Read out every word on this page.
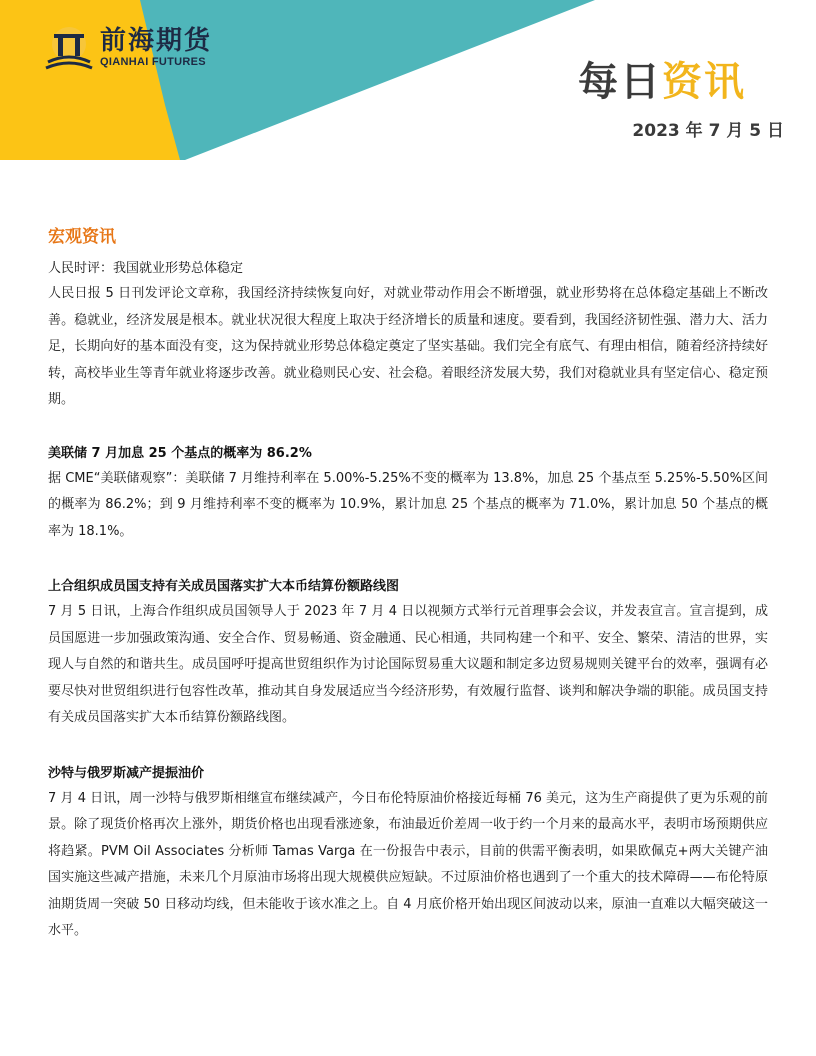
前海期货
QIANHAI FUTURES	每日资讯
2023 年 7 月 5 日
宏观资讯
人民时评：我国就业形势总体稳定
人民日报 5 日刊发评论文章称，我国经济持续恢复向好，对就业带动作用会不断增强，就业形势将在总体稳定基础上不断改善。稳就业，经济发展是根本。就业状况很大程度上取决于经济增长的质量和速度。要看到，我国经济韧性强、潜力大、活力足，长期向好的基本面没有变，这为保持就业形势总体稳定奠定了坚实基础。我们完全有底气、有理由相信，随着经济持续好转，高校毕业生等青年就业将逐步改善。就业稳则民心安、社会稳。着眼经济发展大势，我们对稳就业具有坚定信心、稳定预期。
美联储 7 月加息 25 个基点的概率为 86.2%
据 CME“美联储观察”：美联储 7 月维持利率在 5.00%-5.25%不变的概率为 13.8%，加息 25 个基点至 5.25%-5.50%区间的概率为 86.2%；到 9 月维持利率不变的概率为 10.9%，累计加息 25 个基点的概率为 71.0%，累计加息 50 个基点的概率为 18.1%。
上合组织成员国支持有关成员国落实扩大本币结算份额路线图
7 月 5 日讯，上海合作组织成员国领导人于 2023 年 7 月 4 日以视频方式举行元首理事会会议，并发表宣言。宣言提到，成员国愿进一步加强政策沟通、安全合作、贸易畅通、资金融通、民心相通，共同构建一个和平、安全、繁荣、清洁的世界，实现人与自然的和谐共生。成员国呼吁提高世贸组织作为讨论国际贸易重大议题和制定多边贸易规则关键平台的效率，强调有必要尽快对世贸组织进行包容性改革，推动其自身发展适应当今经济形势，有效履行监督、谈判和解决争端的职能。成员国支持有关成员国落实扩大本币结算份额路线图。
沙特与俄罗斯减产提振油价
7 月 4 日讯，周一沙特与俄罗斯相继宣布继续减产，今日布伦特原油价格接近每桶 76 美元，这为生产商提供了更为乐观的前景。除了现货价格再次上涨外，期货价格也出现看涨迹象，布油最近价差周一收于约一个月来的最高水平，表明市场预期供应将趋紧。PVM Oil Associates 分析师 Tamas Varga 在一份报告中表示，目前的供需平衡表明，如果欧佩克+两大关键产油国实施这些减产措施，未来几个月原油市场将出现大规模供应短缺。不过原油价格也遇到了一个重大的技术障碍——布伦特原油期货周一突破 50 日移动均线，但未能收于该水准之上。自 4 月底价格开始出现区间波动以来，原油一直难以大幅突破这一水平。
